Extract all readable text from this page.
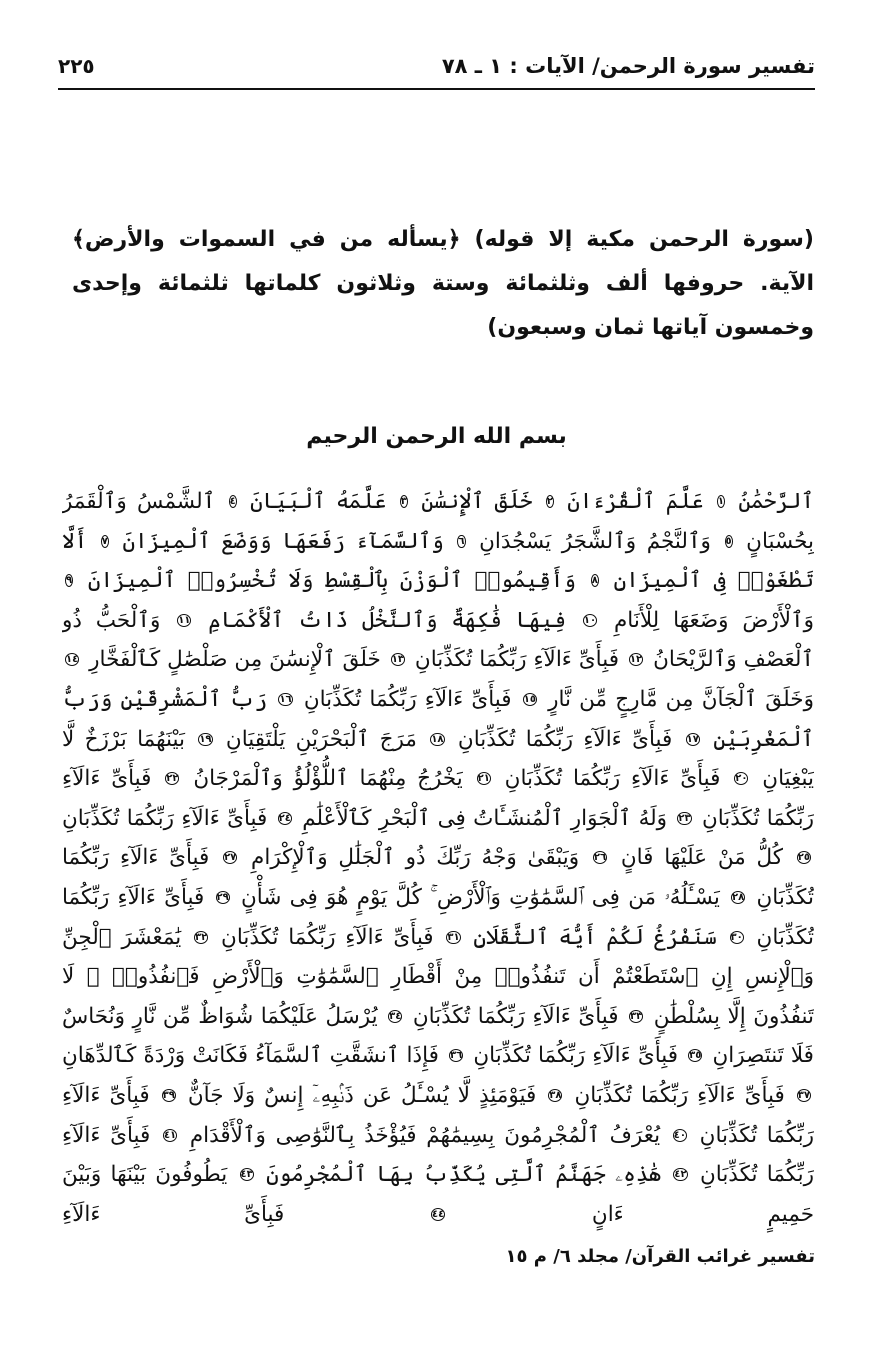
تفسير سورة الرحمن/ الآيات : ١ ـ ٧٨
٢٢٥
(سورة الرحمن مكية إلا قوله) ﴿يسأله من في السموات والأرض﴾ الآية. حروفها ألف وثلثمائة وستة وثلاثون كلماتها ثلثمائة وإحدى وخمسون آياتها ثمان وسبعون)
بسم الله الرحمن الرحيم
ٱلرَّحْمَٰنُ ١ عَلَّمَ ٱلْقُرْءَانَ ٢ خَلَقَ ٱلْإِنسَٰنَ ٣ عَلَّمَهُ ٱلْبَيَانَ ٤ ٱلشَّمْسُ وَٱلْقَمَرُ بِحُسْبَانٍ ٥ وَٱلنَّجْمُ وَٱلشَّجَرُ يَسْجُدَانِ ٦ وَٱلسَّمَآءَ رَفَعَهَا وَوَضَعَ ٱلْمِيزَانَ ٧ أَلَّا تَطْغَوْا۟ فِى ٱلْمِيزَانِ ٨ وَأَقِيمُوا۟ ٱلْوَزْنَ بِٱلْقِسْطِ وَلَا تُخْسِرُوا۟ ٱلْمِيزَانَ ٩ وَٱلْأَرْضَ وَضَعَهَا لِلْأَنَامِ ١٠ فِيهَا فَٰكِهَةٌ وَٱلنَّخْلُ ذَاتُ ٱلْأَكْمَامِ ١١ وَٱلْحَبُّ ذُو ٱلْعَصْفِ وَٱلرَّيْحَانُ ١٢ فَبِأَىِّ ءَالَآءِ رَبِّكُمَا تُكَذِّبَانِ ١٣ خَلَقَ ٱلْإِنسَٰنَ مِن صَلْصَٰلٍ كَٱلْفَخَّارِ ١٤ وَخَلَقَ ٱلْجَآنَّ مِن مَّارِجٍ مِّن نَّارٍ ١٥ فَبِأَىِّ ءَالَآءِ رَبِّكُمَا تُكَذِّبَانِ ١٦ رَبُّ ٱلْمَشْرِقَيْنِ وَرَبُّ ٱلْمَغْرِبَيْنِ ١٧ فَبِأَىِّ ءَالَآءِ رَبِّكُمَا تُكَذِّبَانِ ١٨ مَرَجَ ٱلْبَحْرَيْنِ يَلْتَقِيَانِ ١٩ بَيْنَهُمَا بَرْزَخٌ لَّا يَبْغِيَانِ ٢٠ فَبِأَىِّ ءَالَآءِ رَبِّكُمَا تُكَذِّبَانِ ٢١ يَخْرُجُ مِنْهُمَا ٱللُّؤْلُؤُ وَٱلْمَرْجَانُ ٢٢ فَبِأَىِّ ءَالَآءِ رَبِّكُمَا تُكَذِّبَانِ ٢٣ وَلَهُ ٱلْجَوَارِ ٱلْمُنشَـَٔاتُ فِى ٱلْبَحْرِ كَٱلْأَعْلَٰمِ ٢٤ فَبِأَىِّ ءَالَآءِ رَبِّكُمَا تُكَذِّبَانِ ٢٥ كُلُّ مَنْ عَلَيْهَا فَانٍ ٢٦ وَيَبْقَىٰ وَجْهُ رَبِّكَ ذُو ٱلْجَلَٰلِ وَٱلْإِكْرَامِ ٢٧ فَبِأَىِّ ءَالَآءِ رَبِّكُمَا تُكَذِّبَانِ ٢٨ يَسْـَٔلُهُۥ مَن فِى ٱلسَّمَٰوَٰتِ وَٱلْأَرْضِ ۚ كُلَّ يَوْمٍ هُوَ فِى شَأْنٍ ٢٩ فَبِأَىِّ ءَالَآءِ رَبِّكُمَا تُكَذِّبَانِ ٣٠ سَنَفْرُغُ لَكُمْ أَيُّهَ ٱلثَّقَلَانِ ٣١ فَبِأَىِّ ءَالَآءِ رَبِّكُمَا تُكَذِّبَانِ ٣٢ يَٰمَعْشَرَ ٱلْجِنِّ وَٱلْإِنسِ إِنِ ٱسْتَطَعْتُمْ أَن تَنفُذُوا۟ مِنْ أَقْطَارِ ٱلسَّمَٰوَٰتِ وَٱلْأَرْضِ فَٱنفُذُوا۟ ۚ لَا تَنفُذُونَ إِلَّا بِسُلْطَٰنٍ ٣٣ فَبِأَىِّ ءَالَآءِ رَبِّكُمَا تُكَذِّبَانِ ٣٤ يُرْسَلُ عَلَيْكُمَا شُوَاظٌ مِّن نَّارٍ وَنُحَاسٌ فَلَا تَنتَصِرَانِ ٣٥ فَبِأَىِّ ءَالَآءِ رَبِّكُمَا تُكَذِّبَانِ ٣٦ فَإِذَا ٱنشَقَّتِ ٱلسَّمَآءُ فَكَانَتْ وَرْدَةً كَٱلدِّهَانِ ٣٧ فَبِأَىِّ ءَالَآءِ رَبِّكُمَا تُكَذِّبَانِ ٣٨ فَيَوْمَئِذٍ لَّا يُسْـَٔلُ عَن ذَنۢبِهِۦٓ إِنسٌ وَلَا جَآنٌّ ٣٩ فَبِأَىِّ ءَالَآءِ رَبِّكُمَا تُكَذِّبَانِ ٤٠ يُعْرَفُ ٱلْمُجْرِمُونَ بِسِيمَٰهُمْ فَيُؤْخَذُ بِٱلنَّوَٰصِى وَٱلْأَقْدَامِ ٤١ فَبِأَىِّ ءَالَآءِ رَبِّكُمَا تُكَذِّبَانِ ٤٢ هَٰذِهِۦ جَهَنَّمُ ٱلَّتِى يُكَذِّبُ بِهَا ٱلْمُجْرِمُونَ ٤٣ يَطُوفُونَ بَيْنَهَا وَبَيْنَ حَمِيمٍ ءَانٍ ٤٤ فَبِأَىِّ ءَالَآءِ
تفسير غرائب القرآن/ مجلد ٦/ م ١٥
